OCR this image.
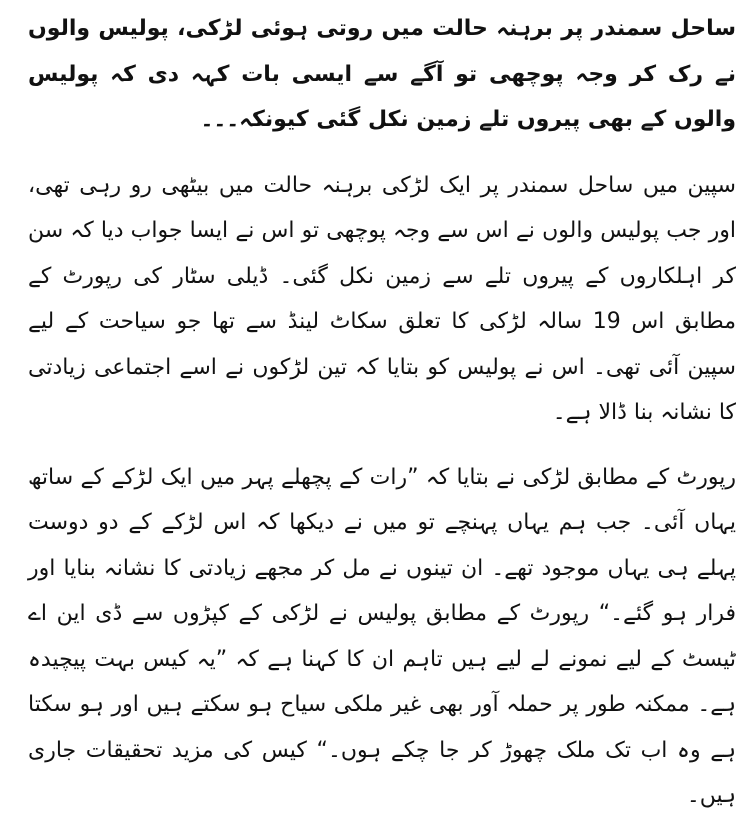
ساحل سمندر پر برہنہ حالت میں روتی ہوئی لڑکی، پولیس والوں نے رک کر وجہ پوچھی تو آگے سے ایسی بات کہہ دی کہ پولیس والوں کے بھی پیروں تلے زمین نکل گئی کیونکہ۔۔۔

سپین میں ساحل سمندر پر ایک لڑکی برہنہ حالت میں بیٹھی رو رہی تھی، اور جب پولیس والوں نے اس سے وجہ پوچھی تو اس نے ایسا جواب دیا کہ سن کر اہلکاروں کے پیروں تلے سے زمین نکل گئی۔ ڈیلی سٹار کی رپورٹ کے مطابق اس 19 سالہ لڑکی کا تعلق سکاٹ لینڈ سے تھا جو سیاحت کے لیے سپین آئی تھی۔ اس نے پولیس کو بتایا کہ تین لڑکوں نے اسے اجتماعی زیادتی کا نشانہ بنا ڈالا ہے۔

رپورٹ کے مطابق لڑکی نے بتایا کہ ”رات کے پچھلے پہر میں ایک لڑکے کے ساتھ یہاں آئی۔ جب ہم یہاں پہنچے تو میں نے دیکھا کہ اس لڑکے کے دو دوست پہلے ہی یہاں موجود تھے۔ ان تینوں نے مل کر مجھے زیادتی کا نشانہ بنایا اور فرار ہو گئے۔“ رپورٹ کے مطابق پولیس نے لڑکی کے کپڑوں سے ڈی این اے ٹیسٹ کے لیے نمونے لے لیے ہیں تاہم ان کا کہنا ہے کہ ”یہ کیس بہت پیچیدہ ہے۔ ممکنہ طور پر حملہ آور بھی غیر ملکی سیاح ہو سکتے ہیں اور ہو سکتا ہے وہ اب تک ملک چھوڑ کر جا چکے ہوں۔“ کیس کی مزید تحقیقات جاری ہیں۔
